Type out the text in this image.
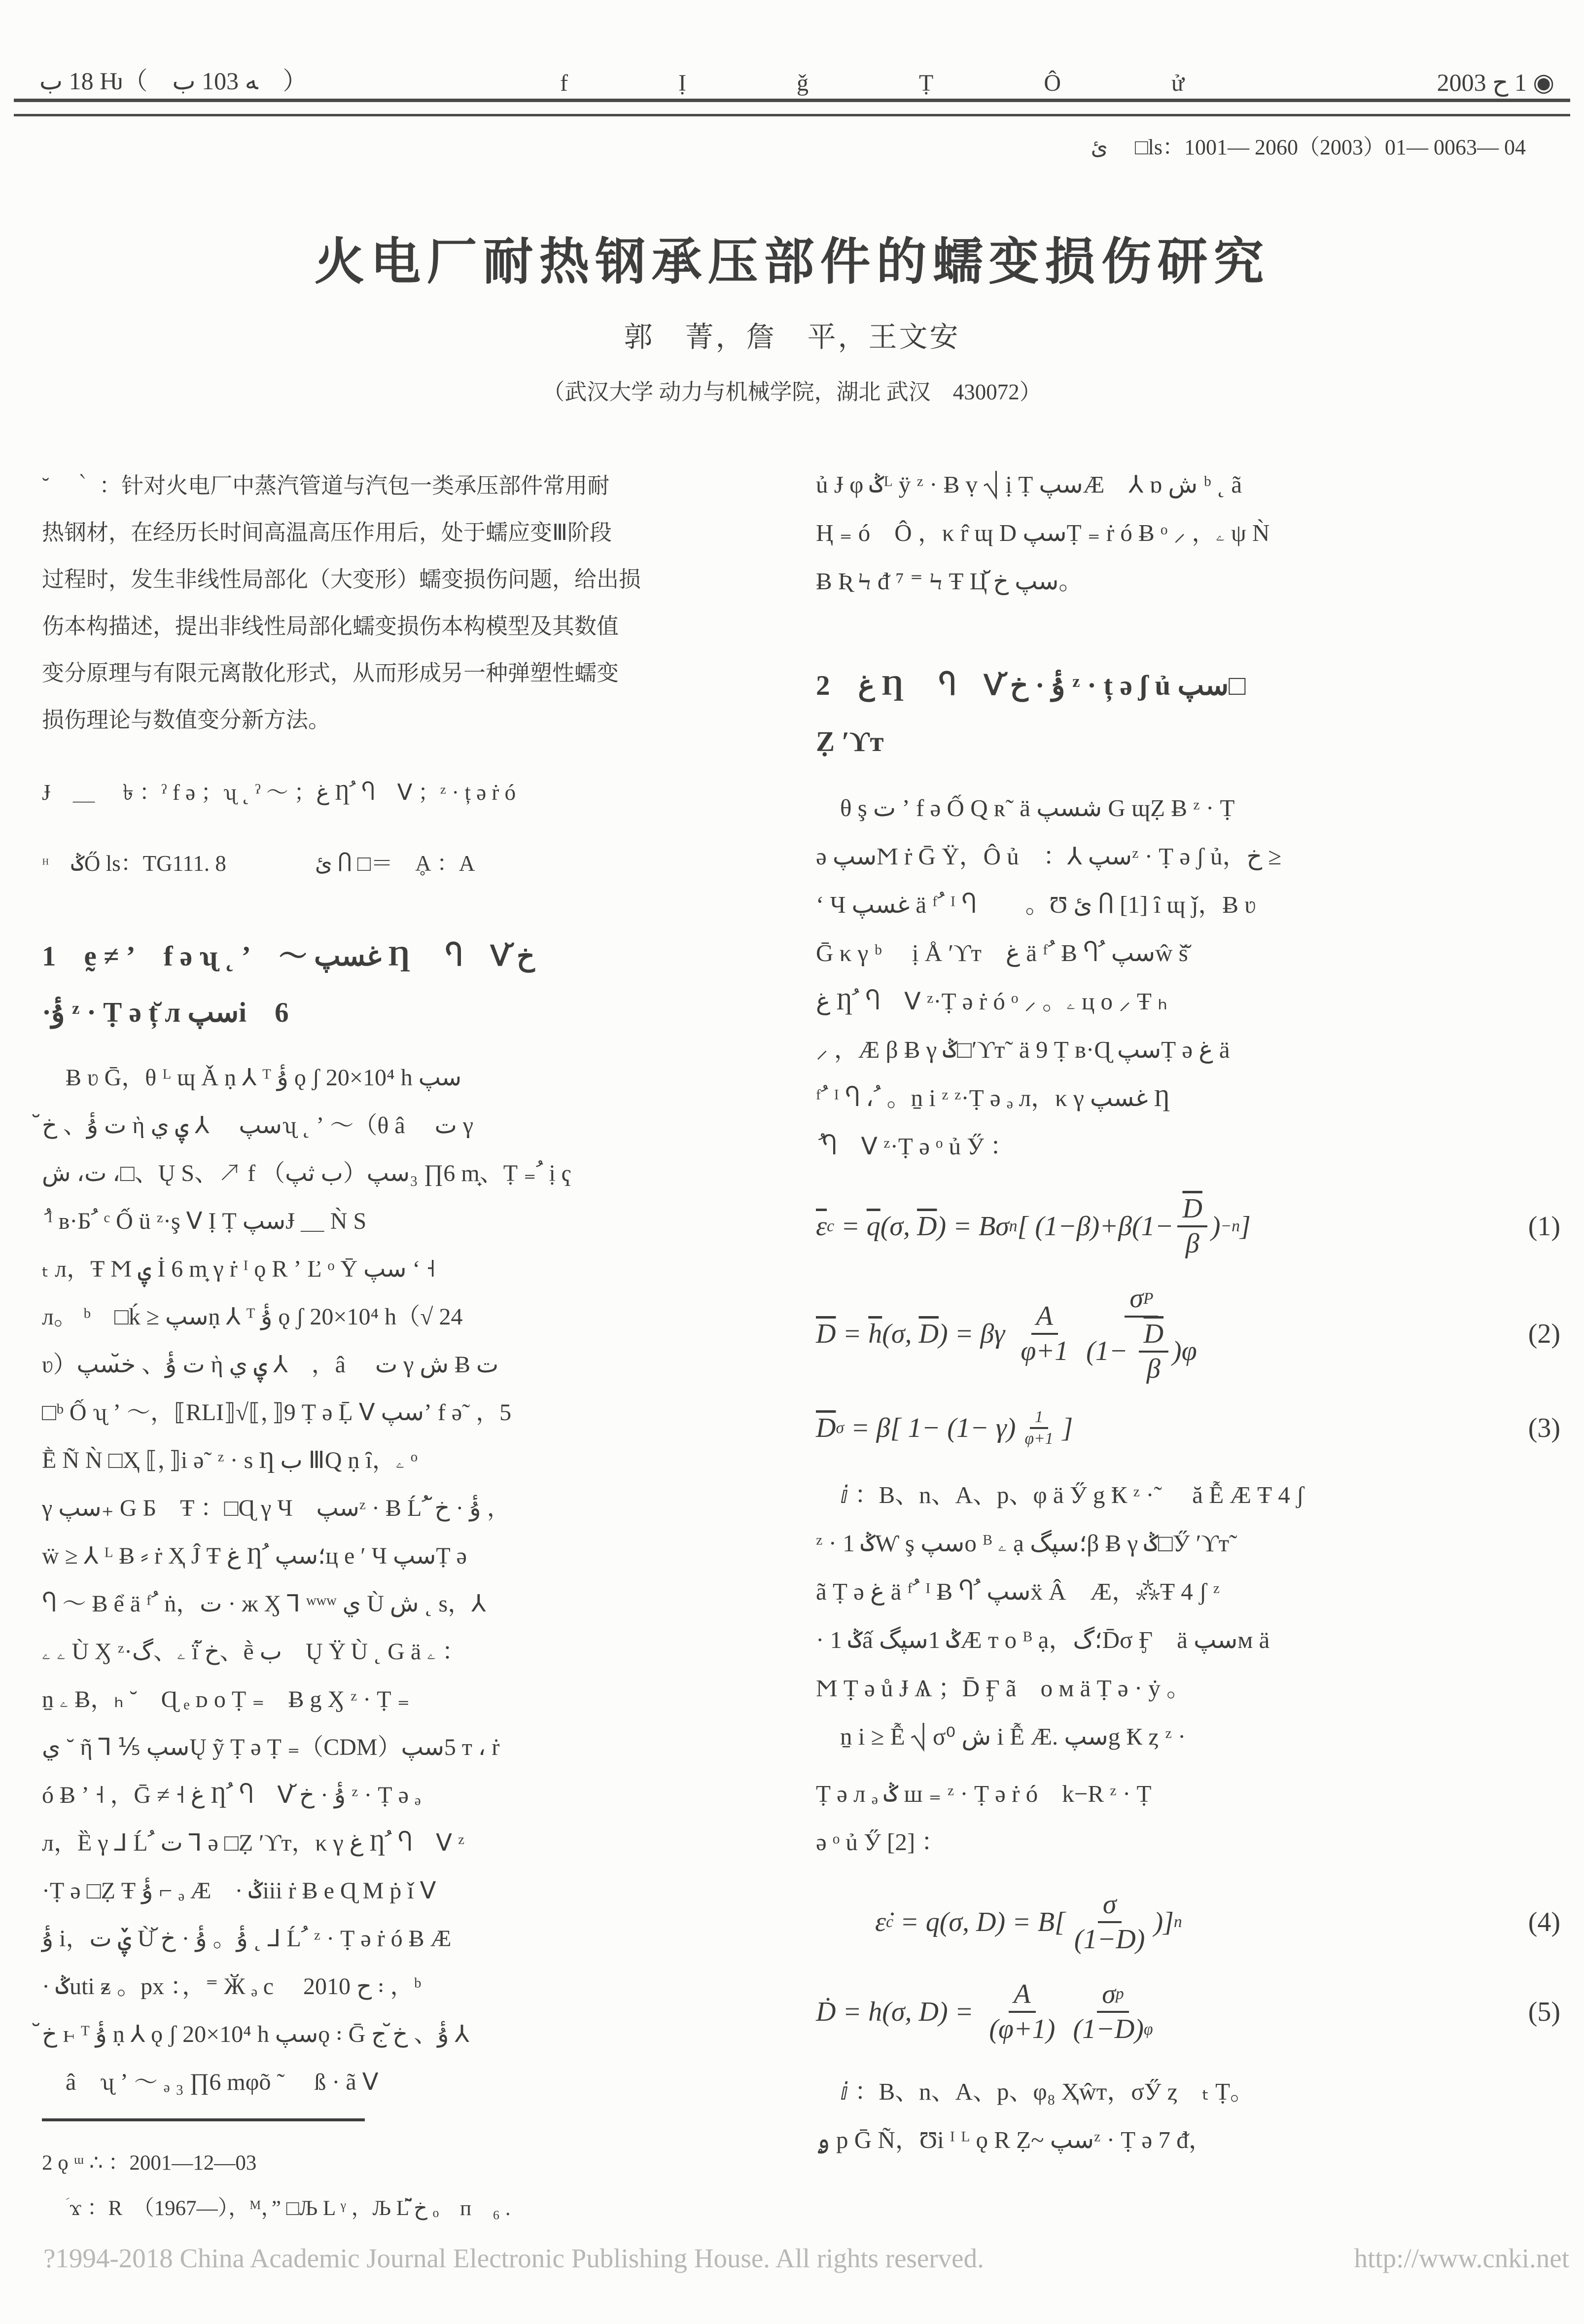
ب 18 Ƕ（　ب 103 ﻪ　）	f	Ị	ǧ	Ṭ	Ô	ử	2003 ح 1 ◉
ئ　 □ls：1001— 2060（2003）01— 0063— 04
火电厂耐热钢承压部件的蠕变损伤研究
郭　菁，詹　平，王文安
（武汉大学 动力与机械学院，湖北 武汉　430072）
˘　｀ ：针对火电厂中蒸汽管道与汽包一类承压部件常用耐
热钢材，在经历长时间高温高压作用后，处于蠕应变Ⅲ阶段
过程时，发生非线性局部化（大变形）蠕变损伤问题，给出损
伤本构描述，提出非线性局部化蠕变损伤本构模型及其数值
变分原理与有限元离散化形式，从而形成另一种弹塑性蠕变
损伤理论与数值变分新方法。
Ɉ　＿　 ৳ ：ˀ f ə ；ʯ ˛ ˀ ～ ；غ Ƞ ُ Ⴄ　Ⅴ ；ᶻ · ț ə ṙ ó
ᵸ　ݣŐ ls：TG111. 8　　　　ئ Ⴖ □＝　Ḁ ：A
1　ḛ ≠ ʼ　f ə ʯ ˛ ʼ　～ پسغ Ƞ ُ Ⴄ　Ⅴ خ̆
·ۇٔ ᶻ · Ṭ ə ț̆ л پسi　6
　Ƀ ʋ Ḡ，θ ᴸ ɰ Ǎ ṇ ⅄ ᵀ ۇٔ ǫ ʃ 20×10⁴ h پس
خ̆ 、ۇٔ ت ὴ ي ۑ ⅄　 پسʯ ˛ ʼ ～（θ â　 ت γ
ش ،ت ،□、Ų S、↗ f （پث ب）پس₃ ∏6 m̟、Ṭ ₌ ُ ị ҁ
ُ ᴵ ʙ·Ƃ ُ ᶜ Ố ü ᶻ·ş Ⅴ Ị Ṭ پسɈ ＿ Ǹ S
ₜ л，Ŧ Ϻ ۑ İ 6 m̟ γ ṙ ᴵ ǫ R ʼ Ľ ᵒ Ȳ پس ʻ ˧
л。 ᵇ　□ḱ ≥ پسṇ ⅄ ᵀ ۇٔ ǫ ʃ 20×10⁴ h（√ 24
ʋ）پسخ̆ 、ۇٔ ت ὴ ي ۑ ⅄　，â　 ت γ ش Ƀ ت
□ᵇ Ố ʯ ʼ ～，⟦RLI⟧√⟦，⟧9 Ṭ ə Ḹ Ⅴ پسʼ f ə˜ ，5
Ḕ Ñ Ǹ □Ҳ ⟦，⟧i ə˜ ᶻ · s Ƞ ب ⅢQ ṇ ȋ，ۦ ᵒ
γ پس₊ G Ƃ　Ŧ ：□Ɋ γ Ч　پسᶻ · Ƀ Ĺ ُ خ̆ · ۇٔ ，
ẅ ≥ ⅄ ᴸ Ƀ ⸗ ṙ Ҳ Ĵ Ŧ غ Ƞ ُ پس؛ц e ʹ Ч پسṬ ə
Ⴄ ～ Ƀ ể ä ᶠ ُ ṅ，ت · ж Ӽ ⅂ ʷʷʷ ي Ù ش ˛ s，⅄
ۦ ۦ Ù Ӽ ᶻ·گ、ۦ ḯ خ̆、ḕ ب　Ų Ϋ Ù ˛ G ä ۦ ：
ṉ ۦ Ƀ，ₕ ˘　Ɋ ₑ ᴅ o Ṭ ₌　Ƀ g Ӽ ᶻ · Ṭ ₌
ي ˘ ῆ ⅂ ⅕ پسŲ ỹ Ṭ ə Ṭ ₌（CDM）پس5 т ، ṙ
ó Ƀ ʼ ˧ ，Ḡ ≠ ˧ غ Ƞ ُ Ⴄ　Ⅴ خ̆ · ۇٔ ᶻ · Ṭ ə ₔ
л，Ȅ γ ⅃ Ĺ ُ ت ⅂ ə □Ẓ ʹϒт，κ γ غ Ƞ ُ Ⴄ　Ⅴ ᶻ
·Ṭ ə □Ẓ Ŧ ۇٔ ⌐ ₔ Æ　· ݣiii ṙ Ƀ e Ɋ M ṗ ǐ Ⅴ
ۇٔ i，ت ۑ̌ Ù خ̆ · ۇٔ 。ۇٔ ˛ ⅃ Ĺ ُ ᶻ · Ṭ ə ṙ ó Ƀ Æ
· ݣuti ᵶ 。px ：，⁼ Ӂ ₔ c　 2010 ح ꞉ ，ᵇ
خ̆ ⱶ ᵀ ۇٔ ṇ ⅄ ǫ ʃ 20×10⁴ h پسǫ ꞉ Ḡ ج خ̆ 、ۇٔ ⅄
　â　ʯ ʼ ～ ₔ ₃ ∏6 mφõ ῀　 ß · ã Ⅴ
ủ Ɉ φ ݣᴸ ÿ ᶻ · Ƀ ṿ ⎷ ị Ṭ پسÆ　⅄ ɒ ش ᵇ ˛ ã
Ⱨ ₌ ó　Ô ，κ r̂ ɰ D پسṬ ₌ ṙ ó Ƀ ᵒ ⸝ ，ۦ ψ Ǹ
Ƀ Ʀ Ϟ ᵭ ⁷ ⁼ Ϟ Ŧ Ц خ̆ پس。
2　غ Ƞ ُ Ⴄ　Ⅴ خ̆ · ۇٔ ᶻ · ț ə ʃ ủ پس□
Ẓ ʹϒт
　θ ş ت ʼ f ə Ố Q ʀ˜ ä پسش G ɰẒ Ƀ ᶻ · Ṭ
ə پسϺ ṙ Ḡ Ÿ，Ô ủ　：⅄ پسᶻ · Ṭ ə ʃ ủ，خ ≥
ʻ Ч پسغ ä ᶠ ُ ᴵ Ⴄ　ُ 。Ʊ ئ Ⴖ [1] ȋ ɰ ǰ，Ƀ ʋ
Ḡ κ γ ᵇ 　ị Å ʹϒт　غ ä ᶠ ُ Ƀ Ⴄ ُ پسŵ š̆
غ Ƞ ُ Ⴄ　Ⅴ ᶻ·Ṭ ə ṙ ó ᵒ ⸝ 。ۦ ц o ⸝ Ŧ ₕ
⸝ ，Æ β Ƀ γ ݣ□ʹϒт˜ ä 9 Ṭ ʙ·Ɋ پسṬ ə غ ä
ᶠ ُ ᴵ Ⴄ ، ُ 。ṉ i ᶻ ᶻ·Ṭ ə ₔ л，κ γ پسغ Ƞ
ُ Ⴄ　Ⅴ ᶻ·Ṭ ə ᵒ ủ Ӳ ：
$\overline{\varepsilon}$ $c = \overline{q}$ (σ, $\overline{D}$ ) = Bσ n [ $(1-\beta)+\beta(1- \frac{\overline{D}}{\beta}$ ) −n ]	(1)
$\overline{D} = \overline{h}$ (σ, $\overline{D}$ ) = βγ
A
φ+1
σ P
$(1- \frac{\overline{D}}{\beta} )\varphi$
(2)
$\overline{D}$ σ = β[ $1- (1- \gamma) \frac{1}{\varphi+1}$ ]	(3)
　ⅈ ：B、n、A、p、φ ä Ӳ g Ҟ ᶻ ·˜　 ă Ễ Æ Ŧ 4 ʃ
ᶻ · 1 ݣⱲ ş پسo ᴮ ۦ ạ گپس؛β Ƀ γ ݣ□Ӳ ʹϒт˜
ã Ṭ ə غ ä ᶠ ُ ᴵ Ƀ Ⴄ　ُ پسẍ Â　Æ，⁂Ŧ 4 ʃ ᶻ
· 1 ݣấ گپس1 ݣÆ т o ᴮ ạ，گ؛D̄σ Ӻ　ä پسм ä
Ϻ Ṭ ə ů Ɉ Ѧ ；D̄ Ӻ ã　o м ä Ṭ ə · ẏ 。
　ṉ i ≥ Ễ ⎷ σ⁰ ش i Ễ Æ. پسg Ҟ ȥ ᶻ ·
Ṭ ə л ₔ ݣ ш ₌ ᶻ · Ṭ ə ṙ ó　k−R ᶻ · Ṭ
ə ᵒ ủ Ӳ [2] ：
ε̇ c = q(σ, D) = B[
σ
(1−D)
)] n	(4)
Ḋ = h(σ, $D) = \frac{A}{(\varphi+1)}$ σ p
(1−D) φ
(5)
　ⅈ ：B、n、A、p、φ₈ Ҳŵт，σӲ ȥ　ₜ Ṭ。
ۄ p Ḡ Ñ，Ʊi ᴵ ᴸ ǫ R Ẓ~ پسᶻ · Ṭ ə 7 ᵭ，
2 ǫ ᵚ ∴ ：2001—12—03
ؘ ϫ ：R　（1967—），ᴹ，” □Љ L ᵞ ，Љ L خ̆̃ ₒ　ᴨ　₆ .
?1994-2018 China Academic Journal Electronic Publishing House. All rights reserved.	http://www.cnki.net
